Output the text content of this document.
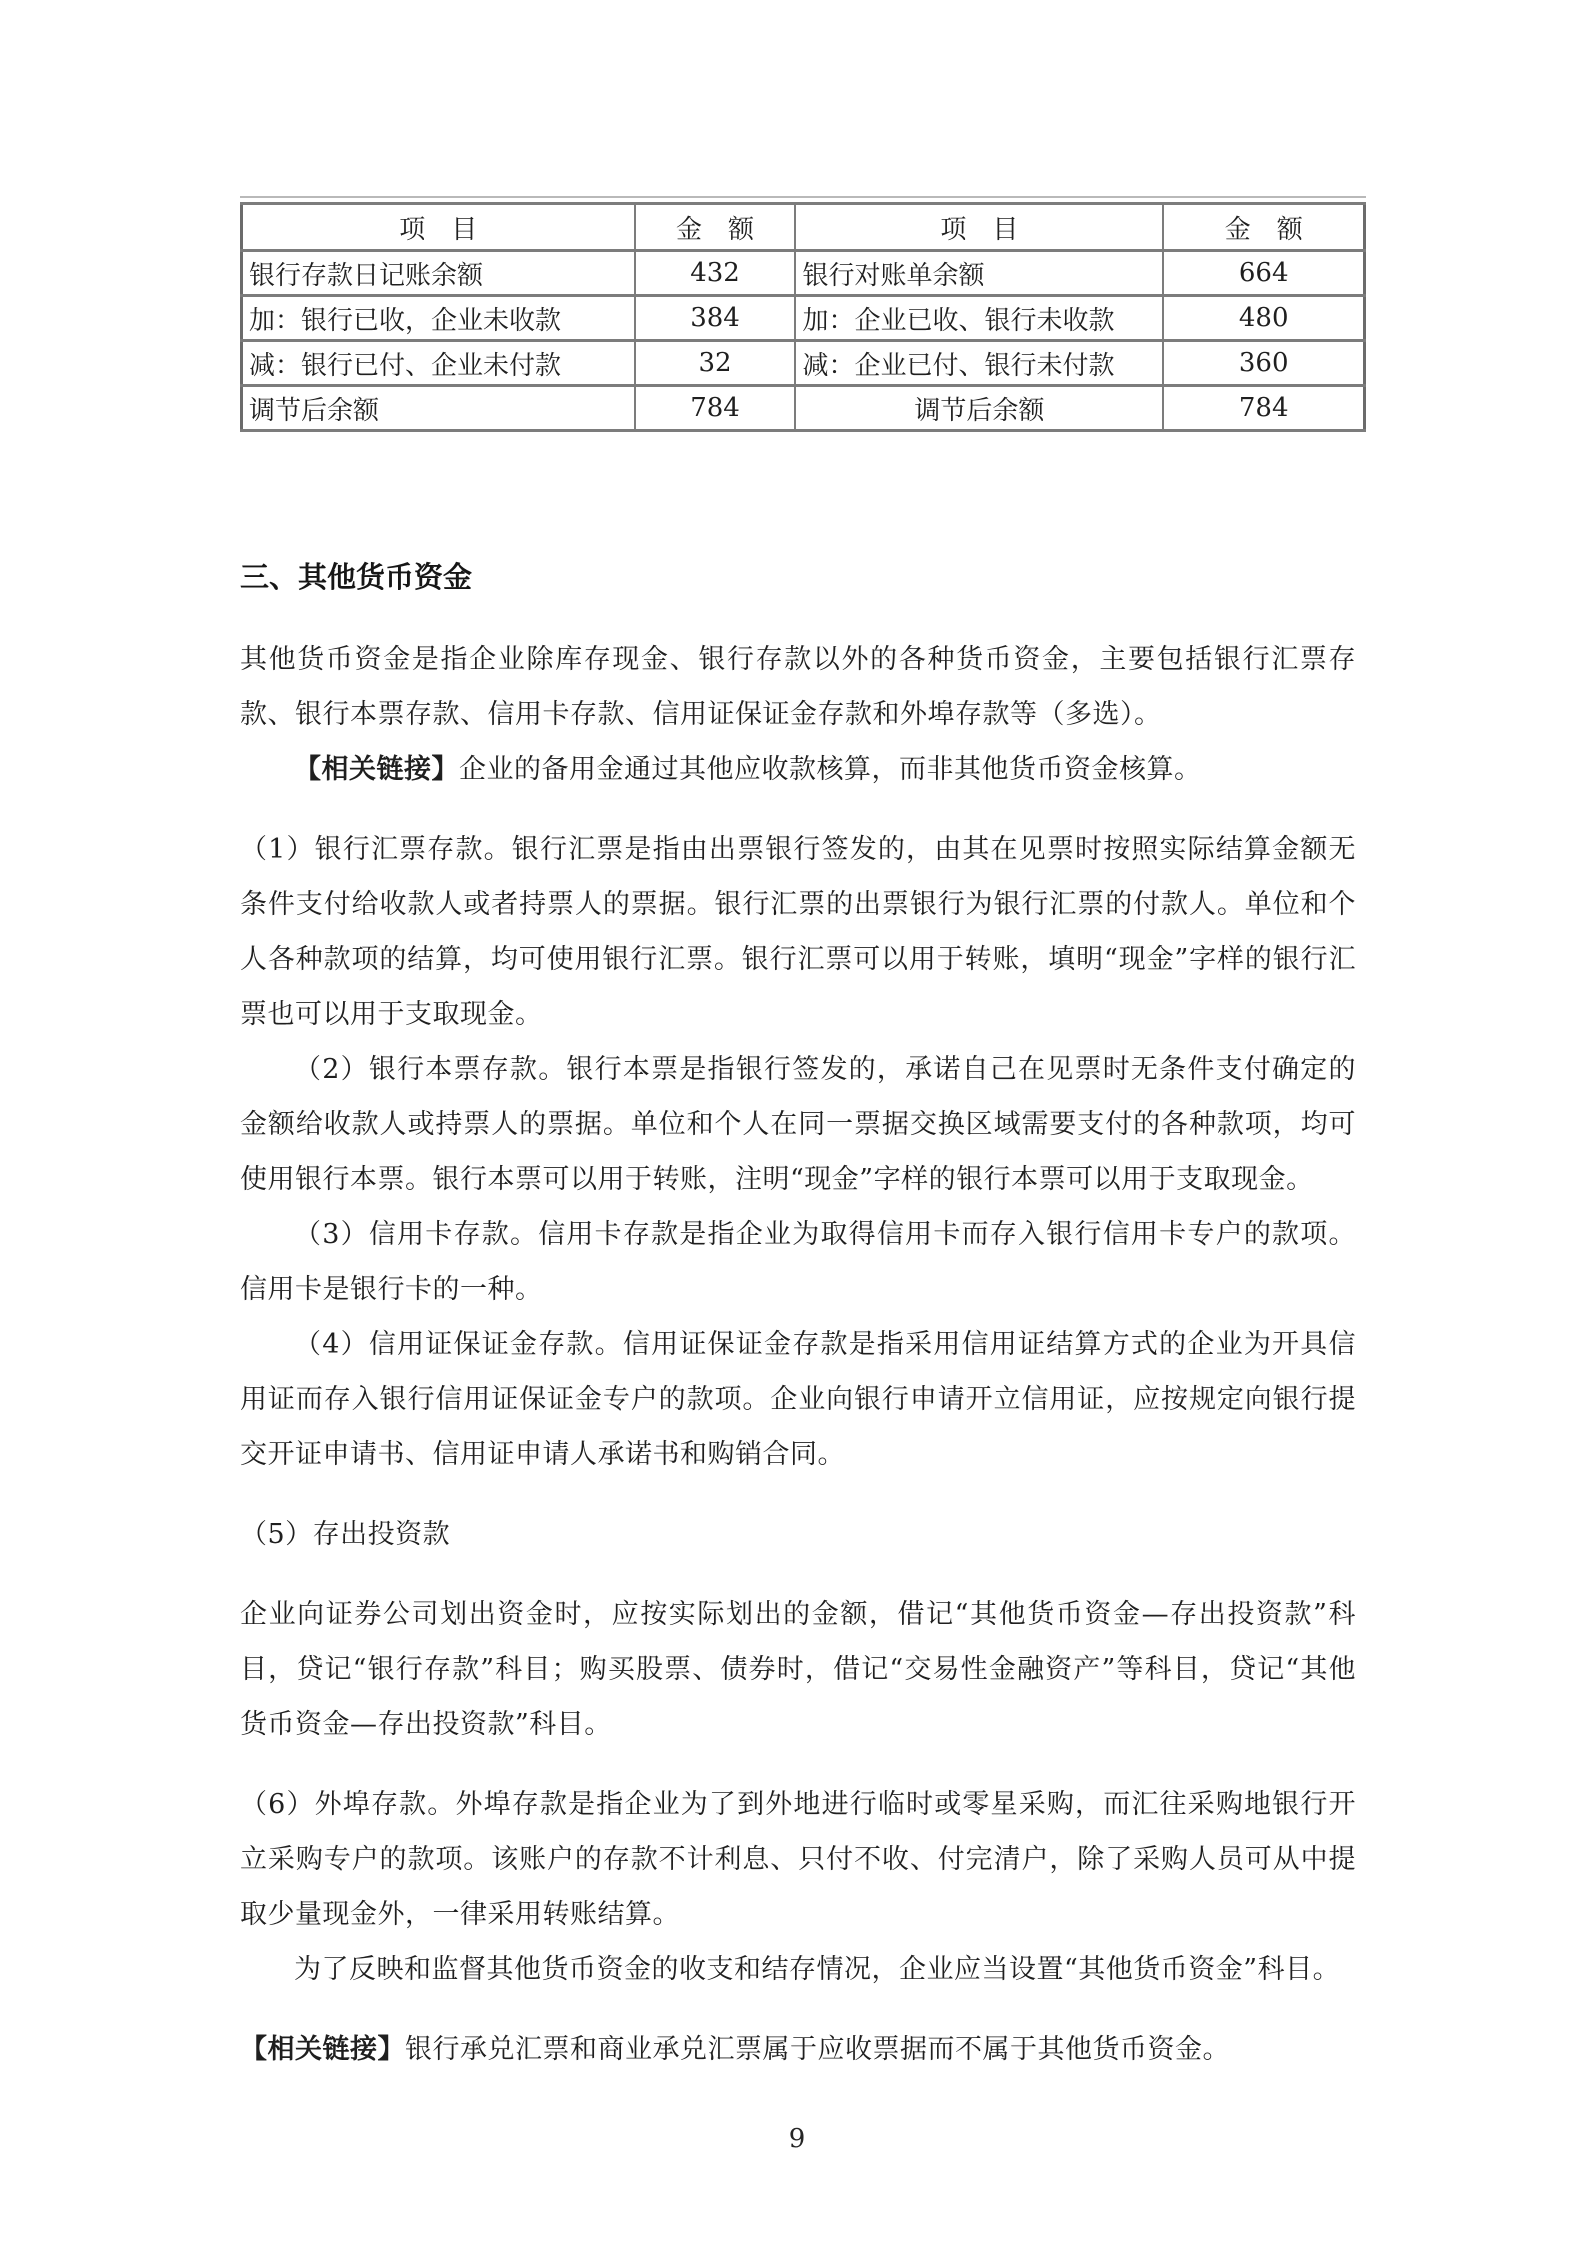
项　目	金　额	项　目	金　额
银行存款日记账余额	432	银行对账单余额	664
加：银行已收，企业未收款	384	加：企业已收、银行未收款	480
减：银行已付、企业未付款	32	减：企业已付、银行未付款	360
调节后余额	784	调节后余额	784
三、其他货币资金

其他货币资金是指企业除库存现金、银行存款以外的各种货币资金，主要包括银行汇票存款、银行本票存款、信用卡存款、信用证保证金存款和外埠存款等（多选）。

【相关链接】企业的备用金通过其他应收款核算，而非其他货币资金核算。

（1）银行汇票存款。银行汇票是指由出票银行签发的，由其在见票时按照实际结算金额无条件支付给收款人或者持票人的票据。银行汇票的出票银行为银行汇票的付款人。单位和个人各种款项的结算，均可使用银行汇票。银行汇票可以用于转账，填明“现金”字样的银行汇票也可以用于支取现金。

（2）银行本票存款。银行本票是指银行签发的，承诺自己在见票时无条件支付确定的金额给收款人或持票人的票据。单位和个人在同一票据交换区域需要支付的各种款项，均可使用银行本票。银行本票可以用于转账，注明“现金”字样的银行本票可以用于支取现金。

（3）信用卡存款。信用卡存款是指企业为取得信用卡而存入银行信用卡专户的款项。信用卡是银行卡的一种。

（4）信用证保证金存款。信用证保证金存款是指采用信用证结算方式的企业为开具信用证而存入银行信用证保证金专户的款项。企业向银行申请开立信用证，应按规定向银行提交开证申请书、信用证申请人承诺书和购销合同。

（5）存出投资款

企业向证券公司划出资金时，应按实际划出的金额，借记“其他货币资金—存出投资款”科目，贷记“银行存款”科目；购买股票、债券时，借记“交易性金融资产”等科目，贷记“其他货币资金—存出投资款”科目。

（6）外埠存款。外埠存款是指企业为了到外地进行临时或零星采购，而汇往采购地银行开立采购专户的款项。该账户的存款不计利息、只付不收、付完清户，除了采购人员可从中提取少量现金外，一律采用转账结算。

为了反映和监督其他货币资金的收支和结存情况，企业应当设置“其他货币资金”科目。

【相关链接】银行承兑汇票和商业承兑汇票属于应收票据而不属于其他货币资金。

9
